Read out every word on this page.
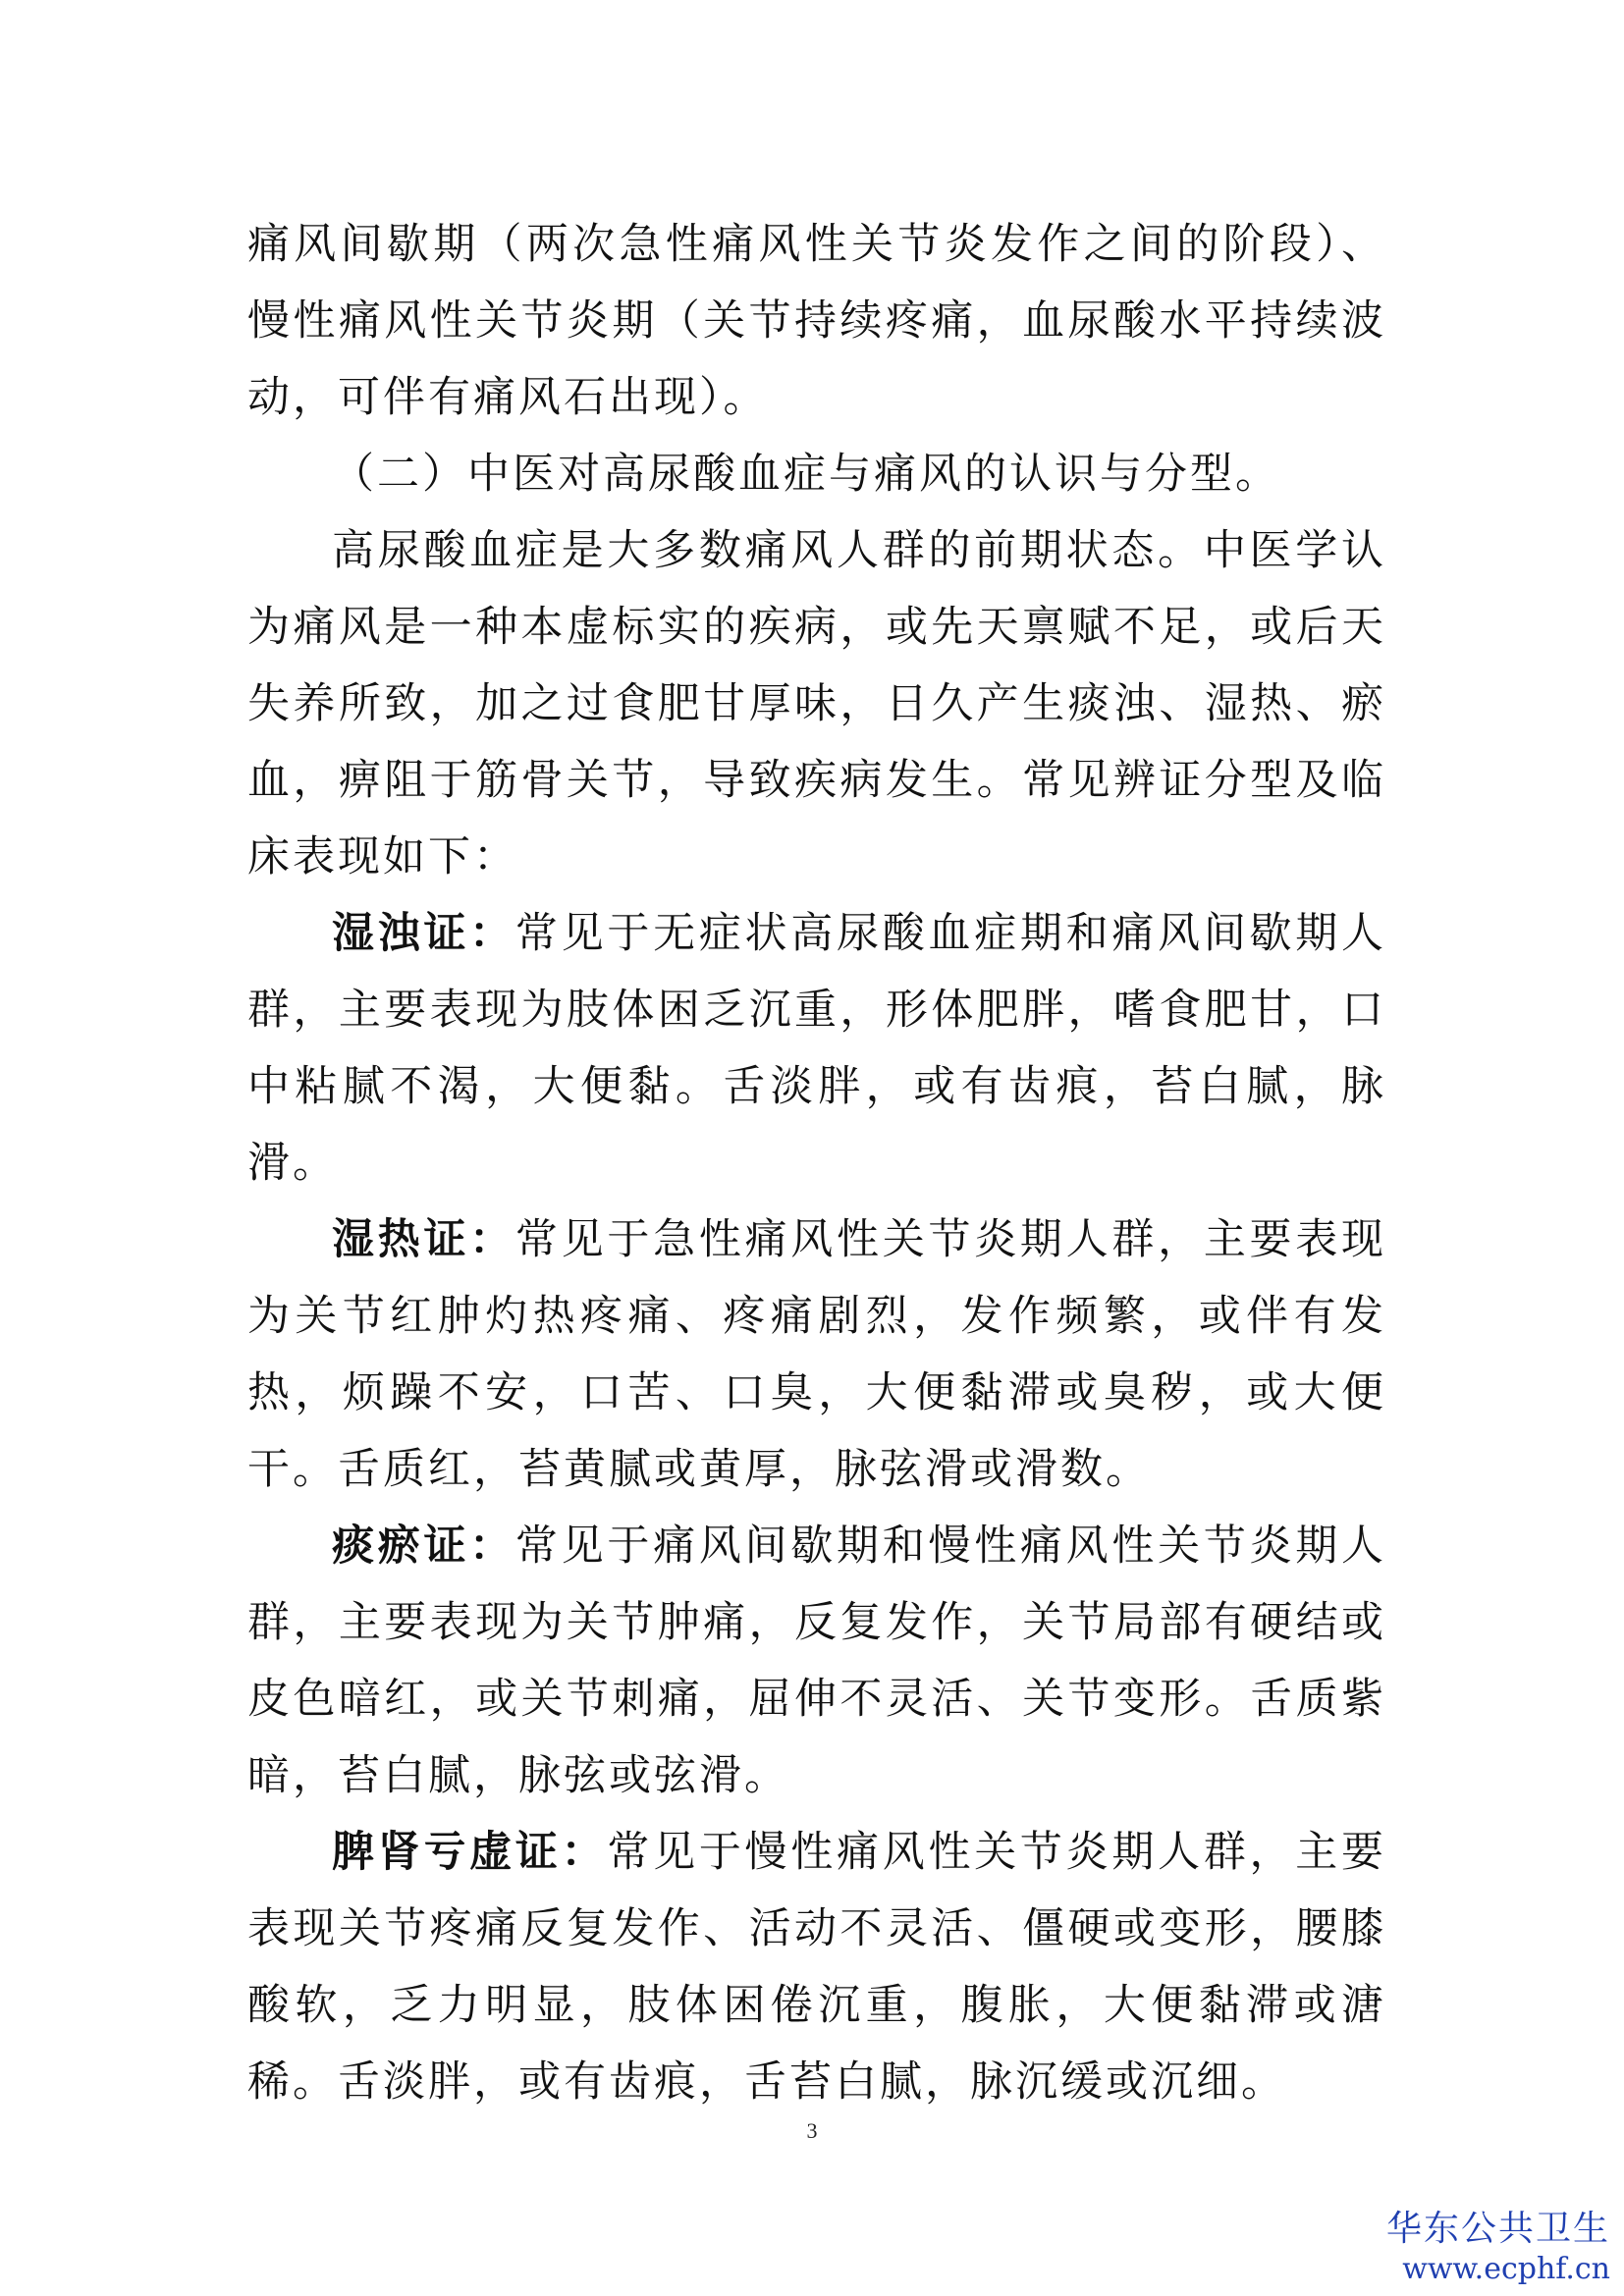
痛风间歇期（两次急性痛风性关节炎发作之间的阶段）、慢性痛风性关节炎期（关节持续疼痛，血尿酸水平持续波动，可伴有痛风石出现）。

（二）中医对高尿酸血症与痛风的认识与分型。

高尿酸血症是大多数痛风人群的前期状态。中医学认为痛风是一种本虚标实的疾病，或先天禀赋不足，或后天失养所致，加之过食肥甘厚味，日久产生痰浊、湿热、瘀血，痹阻于筋骨关节，导致疾病发生。常见辨证分型及临床表现如下：

湿浊证：常见于无症状高尿酸血症期和痛风间歇期人群，主要表现为肢体困乏沉重，形体肥胖，嗜食肥甘，口中粘腻不渴，大便黏。舌淡胖，或有齿痕，苔白腻，脉滑。

湿热证：常见于急性痛风性关节炎期人群，主要表现为关节红肿灼热疼痛、疼痛剧烈，发作频繁，或伴有发热，烦躁不安，口苦、口臭，大便黏滞或臭秽，或大便干。舌质红，苔黄腻或黄厚，脉弦滑或滑数。

痰瘀证：常见于痛风间歇期和慢性痛风性关节炎期人群，主要表现为关节肿痛，反复发作，关节局部有硬结或皮色暗红，或关节刺痛，屈伸不灵活、关节变形。舌质紫暗，苔白腻，脉弦或弦滑。

脾肾亏虚证：常见于慢性痛风性关节炎期人群，主要表现关节疼痛反复发作、活动不灵活、僵硬或变形，腰膝酸软，乏力明显，肢体困倦沉重，腹胀，大便黏滞或溏稀。舌淡胖，或有齿痕，舌苔白腻，脉沉缓或沉细。

3
华东公共卫生
www.ecphf.cn
